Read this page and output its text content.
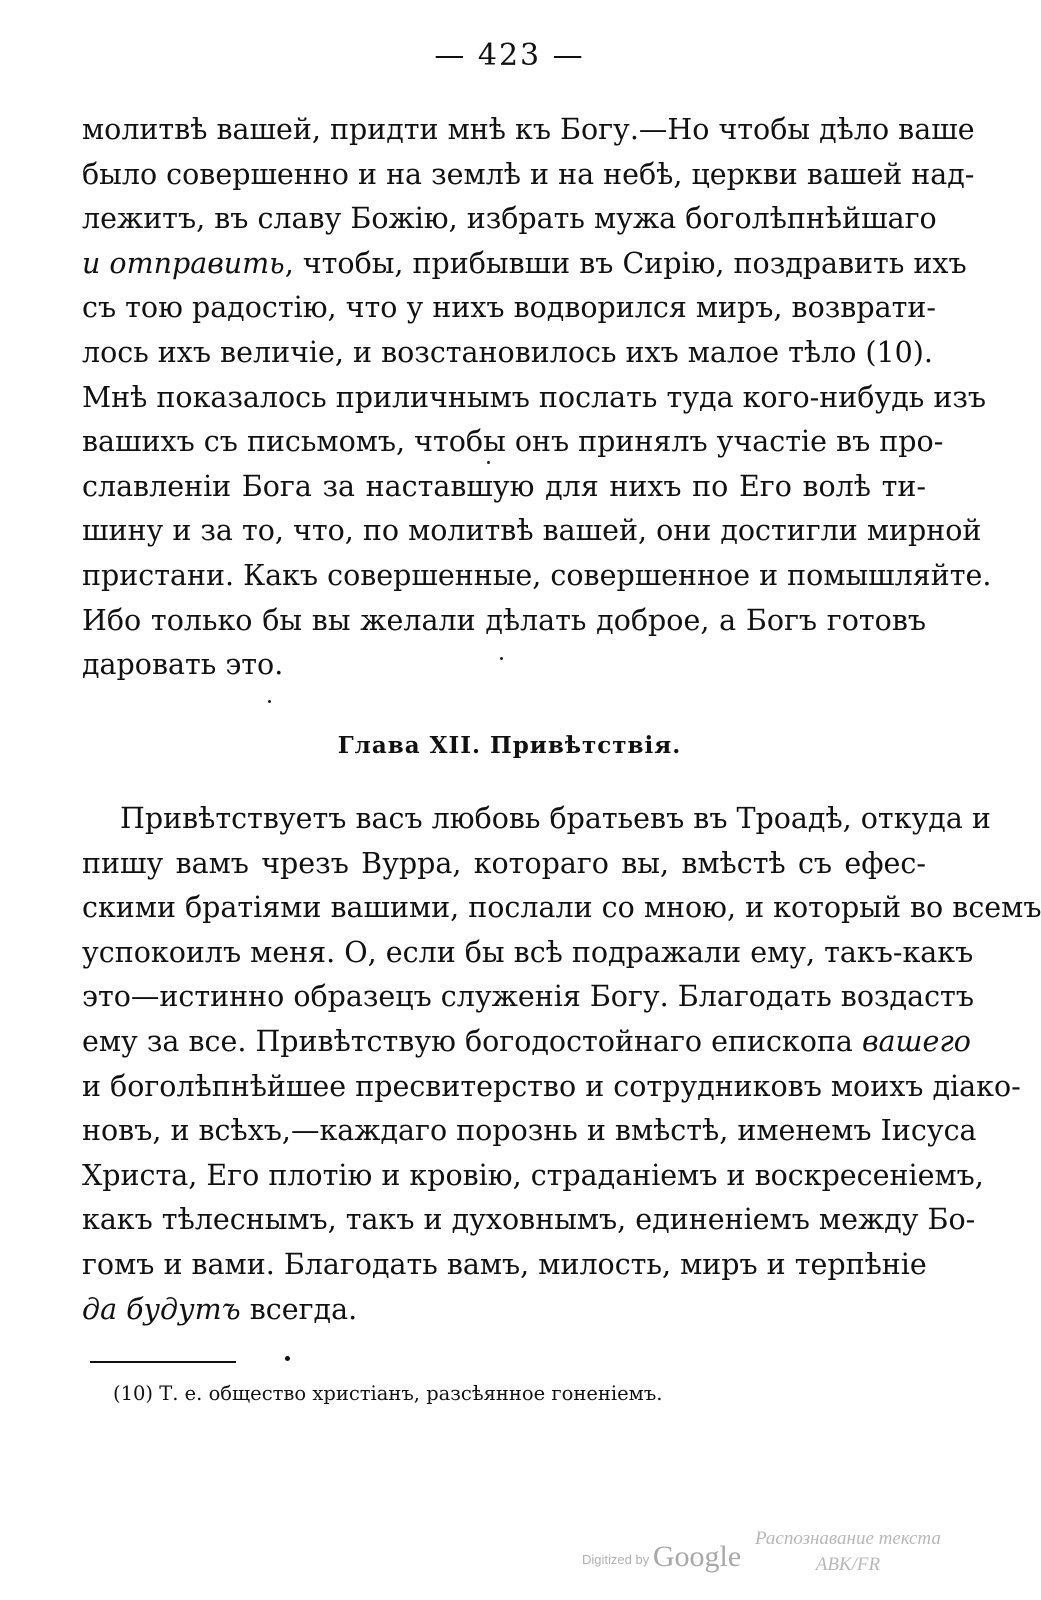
— 423 —
молитвѣ вашей, придти мнѣ къ Богу.—Но чтобы дѣло ваше
было совершенно и на землѣ и на небѣ, церкви вашей над-
лежитъ, въ славу Божію, избрать мужа боголѣпнѣйшаго
и отправить, чтобы, прибывши въ Сирію, поздравить ихъ
съ тою радостію, что у нихъ водворился миръ, возврати-
лось ихъ величіе, и возстановилось ихъ малое тѣло (10).
Мнѣ показалось приличнымъ послать туда кого-нибудь изъ
вашихъ съ письмомъ, чтобы онъ принялъ участіе въ про-
славленіи Бога за наставшую для нихъ по Его волѣ ти-
шину и за то, что, по молитвѣ вашей, они достигли мирной
пристани. Какъ совершенные, совершенное и помышляйте.
Ибо только бы вы желали дѣлать доброе, а Богъ готовъ
даровать это.
Глава XII. Привѣтствія.
Привѣтствуетъ васъ любовь братьевъ въ Троадѣ, откуда и
пишу вамъ чрезъ Вурра, котораго вы, вмѣстѣ съ ефес-
скими братіями вашими, послали со мною, и который во всемъ
успокоилъ меня. О, если бы всѣ подражали ему, такъ-какъ
это—истинно образецъ служенія Богу. Благодать воздастъ
ему за все. Привѣтствую богодостойнаго епископа вашего
и боголѣпнѣйшее пресвитерство и сотрудниковъ моихъ діако-
новъ, и всѣхъ,—каждаго порознь и вмѣстѣ, именемъ Іисуса
Христа, Его плотію и кровію, страданіемъ и воскресеніемъ,
какъ тѣлеснымъ, такъ и духовнымъ, единеніемъ между Бо-
гомъ и вами. Благодать вамъ, милость, миръ и терпѣніе
да будутъ всегда.
(10) Т. е. общество христіанъ, разсѣянное гоненіемъ.
Digitized by Google
Распознавание текста
ABK/FR
